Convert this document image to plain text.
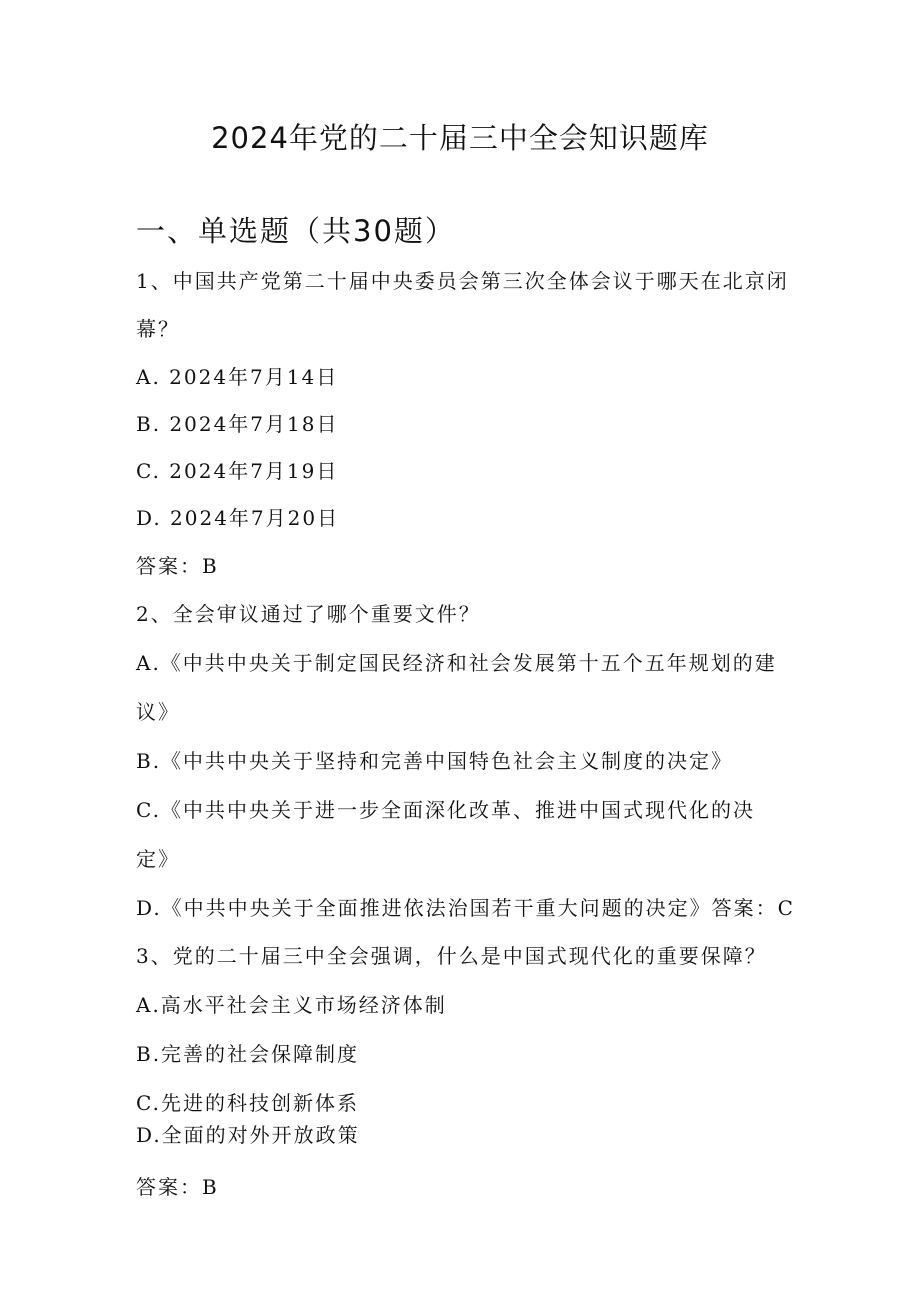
2024年党的二十届三中全会知识题库
一、单选题（共30题）
1、中国共产党第二十届中央委员会第三次全体会议于哪天在北京闭
幕？
A. 2024年7月14日
B. 2024年7月18日
C. 2024年7月19日
D. 2024年7月20日
答案：B
2、全会审议通过了哪个重要文件？
A.《中共中央关于制定国民经济和社会发展第十五个五年规划的建
议》
B.《中共中央关于坚持和完善中国特色社会主义制度的决定》
C.《中共中央关于进一步全面深化改革、推进中国式现代化的决
定》
D.《中共中央关于全面推进依法治国若干重大问题的决定》答案：C
3、党的二十届三中全会强调，什么是中国式现代化的重要保障？
A.高水平社会主义市场经济体制
B.完善的社会保障制度
C.先进的科技创新体系
D.全面的对外开放政策
答案：B
